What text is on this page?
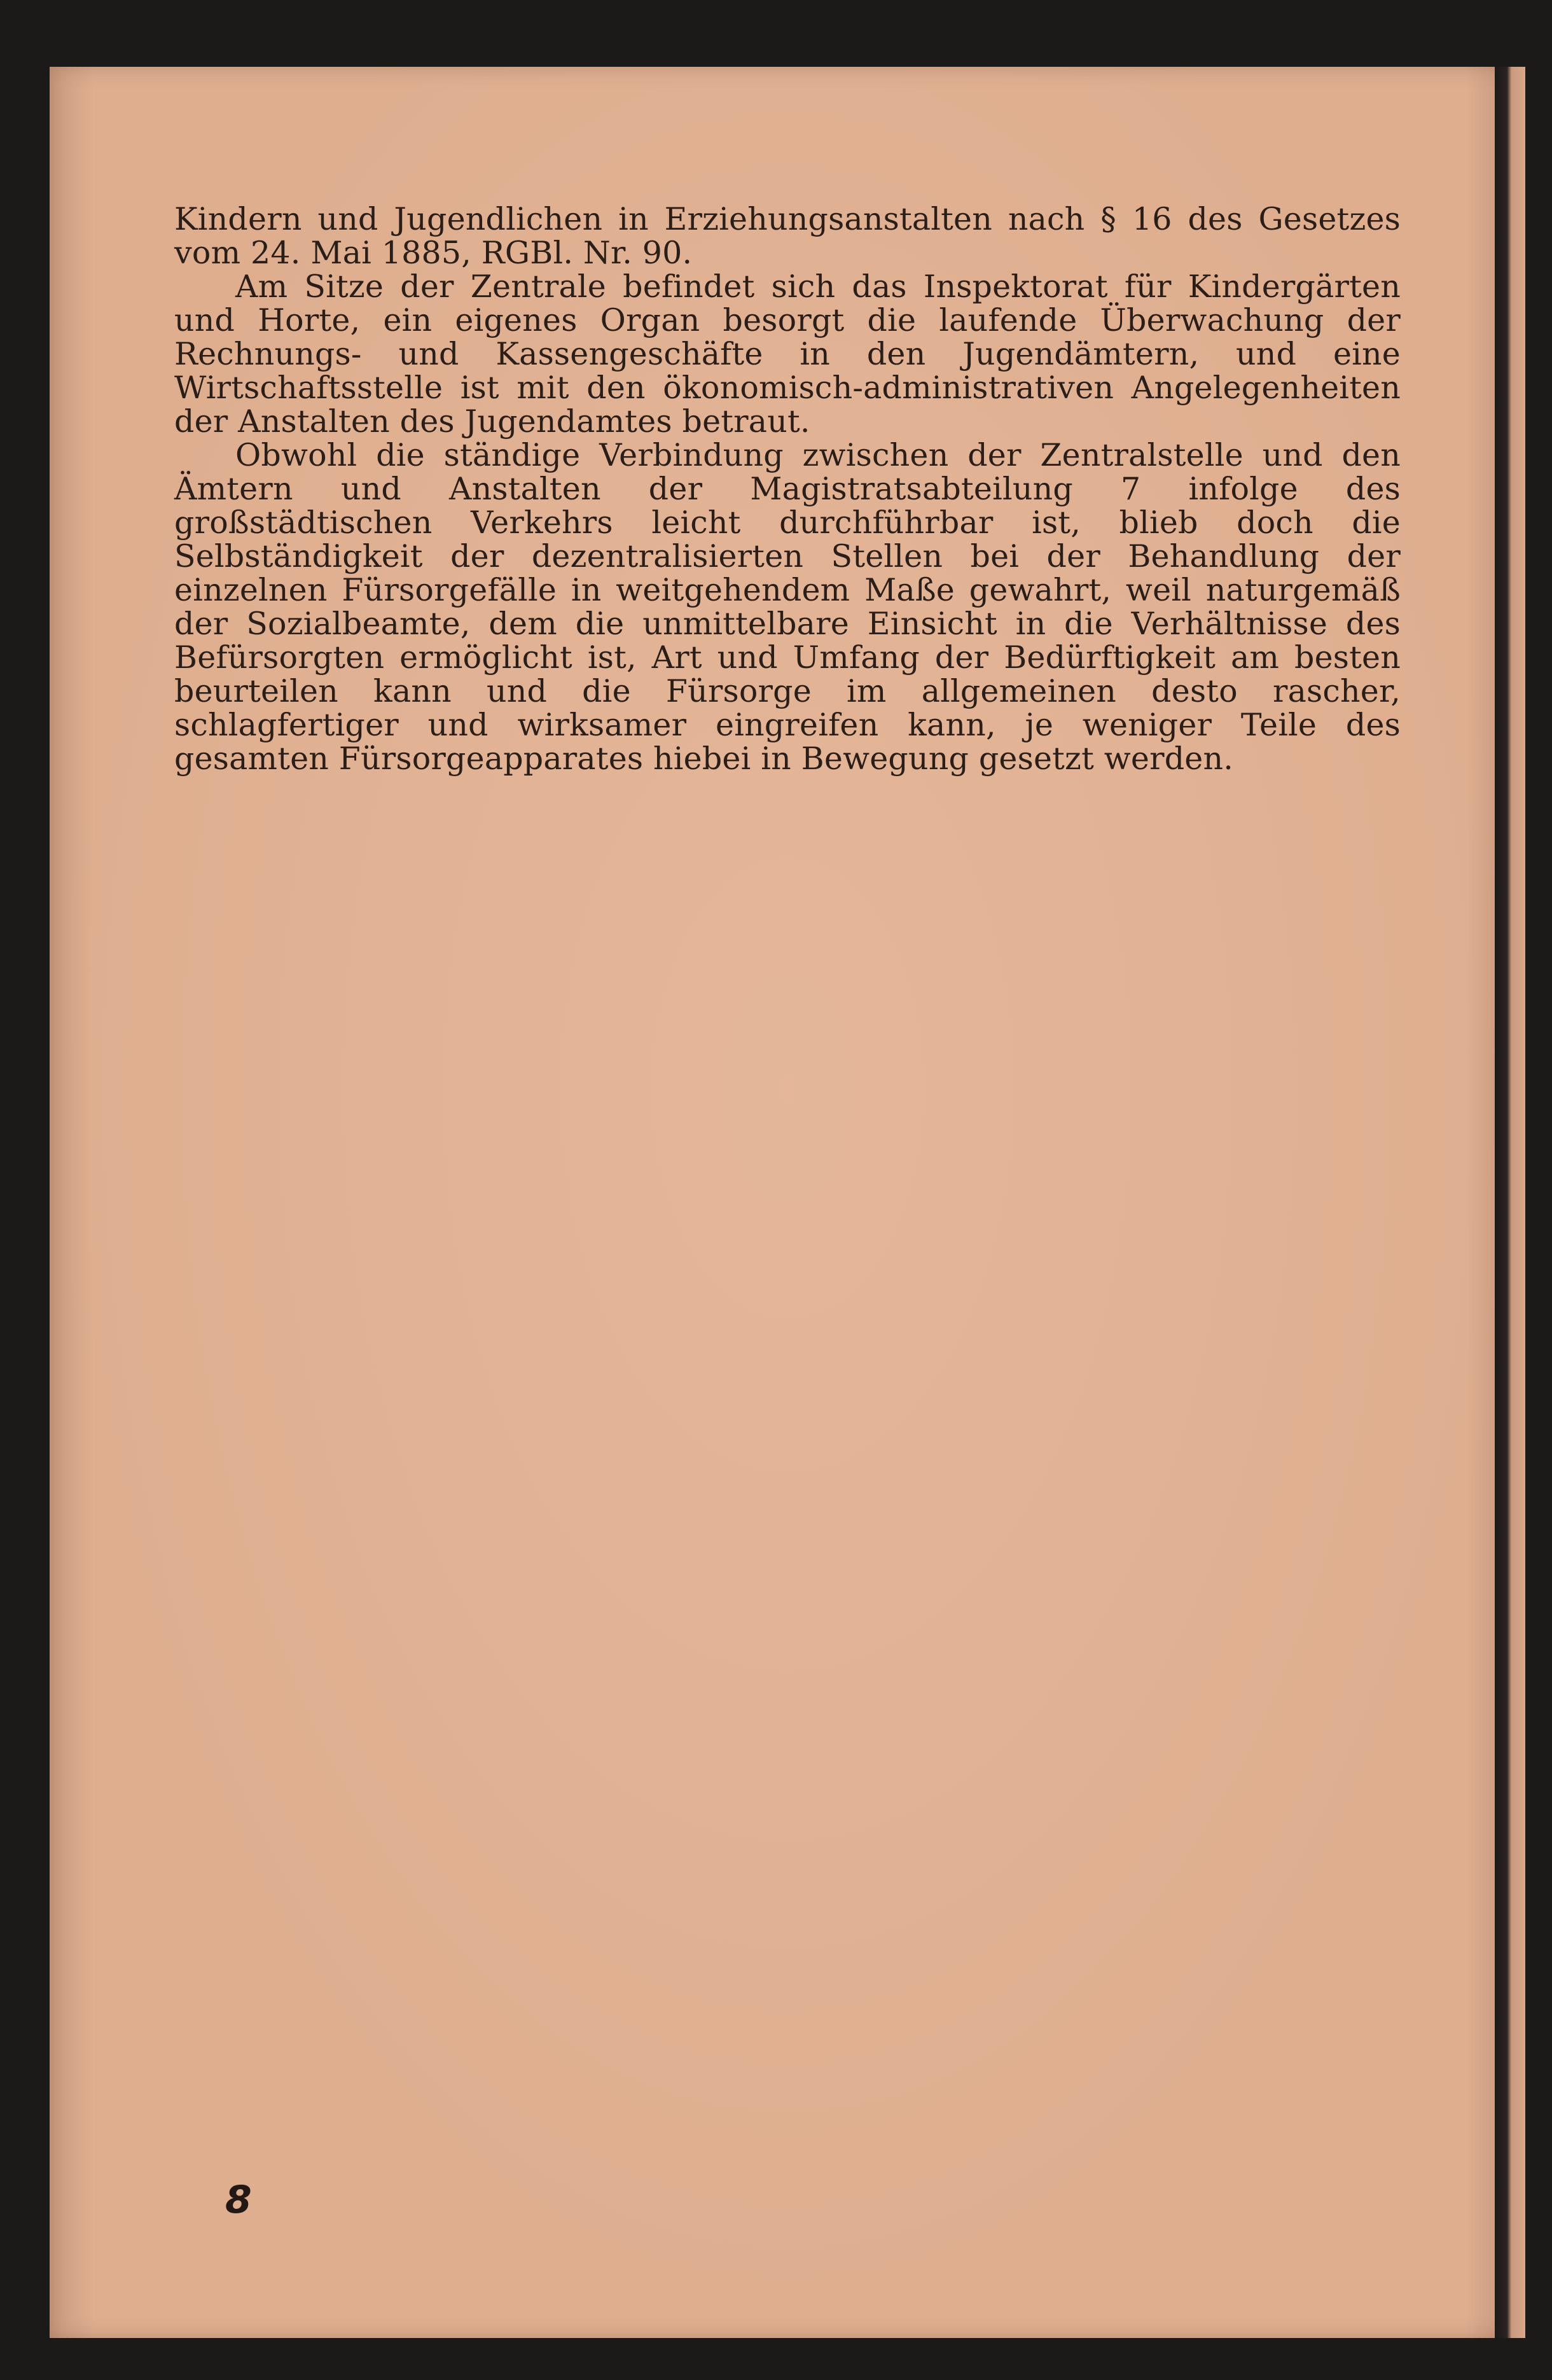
Kindern und Jugendlichen in Erziehungsanstalten nach § 16 des Gesetzes vom 24. Mai 1885, RGBl. Nr. 90.

Am Sitze der Zentrale befindet sich das Inspektorat für Kindergärten und Horte, ein eigenes Organ besorgt die laufende Überwachung der Rechnungs- und Kassengeschäfte in den Jugendämtern, und eine Wirtschaftsstelle ist mit den ökonomisch-administrativen Angelegenheiten der Anstalten des Jugendamtes betraut.

Obwohl die ständige Verbindung zwischen der Zentralstelle und den Ämtern und Anstalten der Magistratsabteilung 7 infolge des großstädtischen Verkehrs leicht durchführbar ist, blieb doch die Selbständigkeit der dezentralisierten Stellen bei der Behandlung der einzelnen Fürsorgefälle in weitgehendem Maße gewahrt, weil naturgemäß der Sozialbeamte, dem die unmittelbare Einsicht in die Verhältnisse des Befürsorgten ermöglicht ist, Art und Umfang der Bedürftigkeit am besten beurteilen kann und die Fürsorge im allgemeinen desto rascher, schlagfertiger und wirksamer eingreifen kann, je weniger Teile des gesamten Fürsorgeapparates hiebei in Bewegung gesetzt werden.

8
